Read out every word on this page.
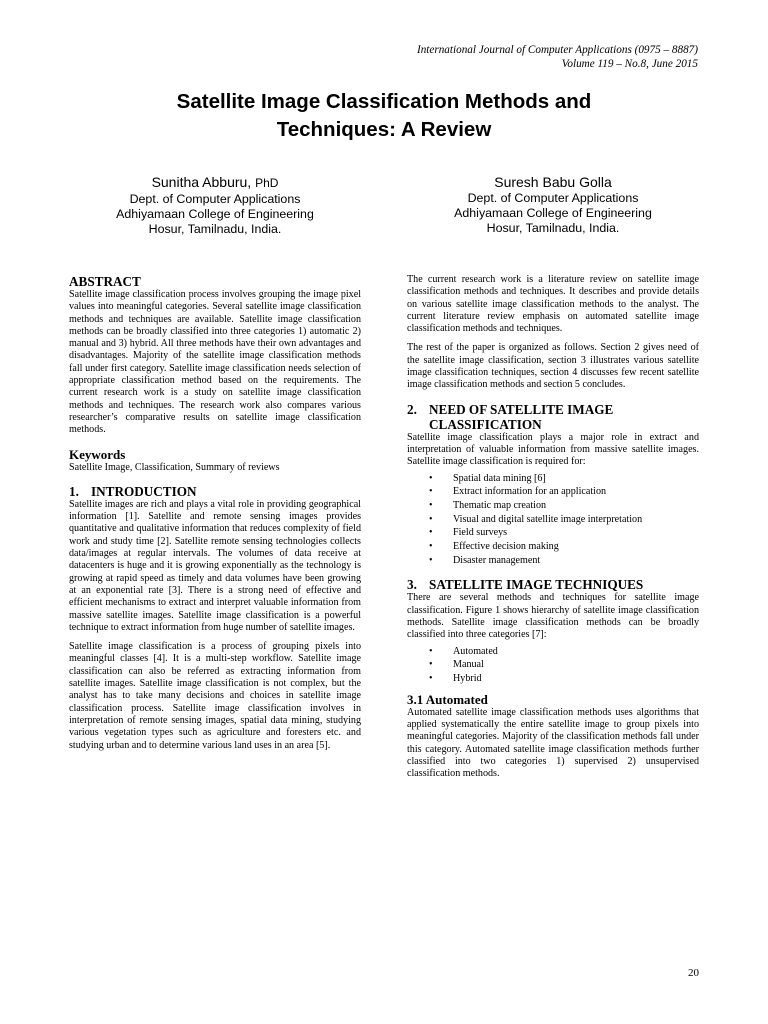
International Journal of Computer Applications (0975 – 8887)
Volume 119 – No.8, June 2015
Satellite Image Classification Methods and
Techniques: A Review
Sunitha Abburu, PhD
Dept. of Computer Applications
Adhiyamaan College of Engineering
Hosur, Tamilnadu, India.
Suresh Babu Golla
Dept. of Computer Applications
Adhiyamaan College of Engineering
Hosur, Tamilnadu, India.
ABSTRACT

Satellite image classification process involves grouping the image pixel values into meaningful categories. Several satellite image classification methods and techniques are available. Satellite image classification methods can be broadly classified into three categories 1) automatic 2) manual and 3) hybrid. All three methods have their own advantages and disadvantages. Majority of the satellite image classification methods fall under first category. Satellite image classification needs selection of appropriate classification method based on the requirements. The current research work is a study on satellite image classification methods and techniques. The research work also compares various researcher’s comparative results on satellite image classification methods.

Keywords

Satellite Image, Classification, Summary of reviews

1. INTRODUCTION

Satellite images are rich and plays a vital role in providing geographical information [1]. Satellite and remote sensing images provides quantitative and qualitative information that reduces complexity of field work and study time [2]. Satellite remote sensing technologies collects data/images at regular intervals. The volumes of data receive at datacenters is huge and it is growing exponentially as the technology is growing at rapid speed as timely and data volumes have been growing at an exponential rate [3]. There is a strong need of effective and efficient mechanisms to extract and interpret valuable information from massive satellite images. Satellite image classification is a powerful technique to extract information from huge number of satellite images.

Satellite image classification is a process of grouping pixels into meaningful classes [4]. It is a multi-step workflow. Satellite image classification can also be referred as extracting information from satellite images. Satellite image classification is not complex, but the analyst has to take many decisions and choices in satellite image classification process. Satellite image classification involves in interpretation of remote sensing images, spatial data mining, studying various vegetation types such as agriculture and foresters etc. and studying urban and to determine various land uses in an area [5].

The current research work is a literature review on satellite image classification methods and techniques. It describes and provide details on various satellite image classification methods to the analyst. The current literature review emphasis on automated satellite image classification methods and techniques.

The rest of the paper is organized as follows. Section 2 gives need of the satellite image classification, section 3 illustrates various satellite image classification techniques, section 4 discusses few recent satellite image classification methods and section 5 concludes.

2. NEED OF SATELLITE IMAGE CLASSIFICATION

Satellite image classification plays a major role in extract and interpretation of valuable information from massive satellite images. Satellite image classification is required for:

• Spatial data mining [6]
• Extract information for an application
• Thematic map creation
• Visual and digital satellite image interpretation
• Field surveys
• Effective decision making
• Disaster management
3. SATELLITE IMAGE TECHNIQUES

There are several methods and techniques for satellite image classification. Figure 1 shows hierarchy of satellite image classification methods. Satellite image classification methods can be broadly classified into three categories [7]:

• Automated
• Manual
• Hybrid
3.1 Automated

Automated satellite image classification methods uses algorithms that applied systematically the entire satellite image to group pixels into meaningful categories. Majority of the classification methods fall under this category. Automated satellite image classification methods further classified into two categories 1) supervised 2) unsupervised classification methods.

20
